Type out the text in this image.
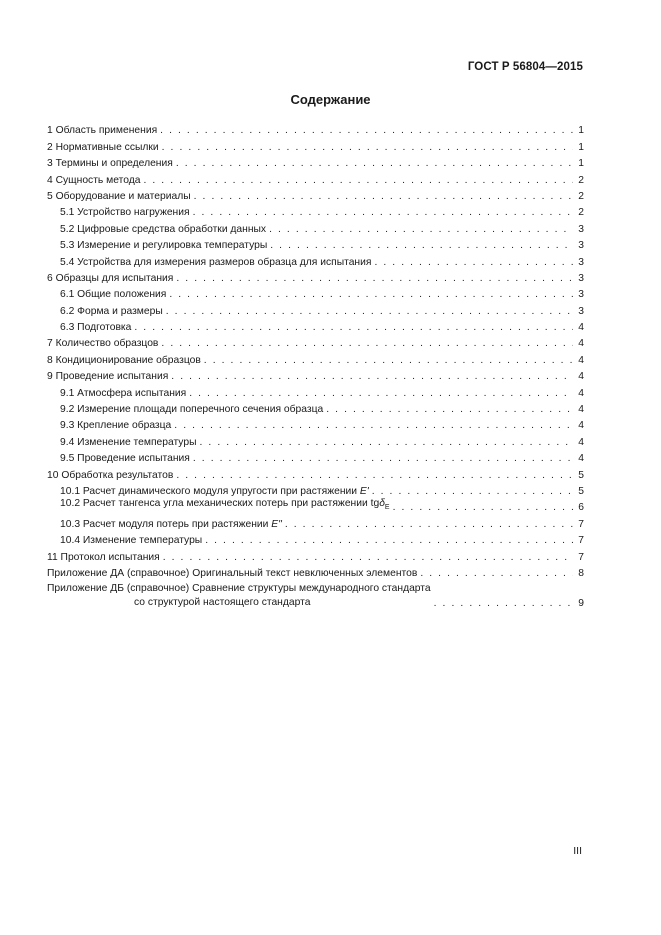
ГОСТ Р 56804—2015
Содержание
1 Область применения . . .	1
2 Нормативные ссылки . . .	1
3 Термины и определения . . .	1
4 Сущность метода . . .	2
5 Оборудование и материалы . . .	2
5.1 Устройство нагружения . . .	2
5.2 Цифровые средства обработки данных . . .	3
5.3 Измерение и регулировка температуры . . .	3
5.4 Устройства для измерения размеров образца для испытания . . .	3
6 Образцы для испытания . . .	3
6.1 Общие положения . . .	3
6.2 Форма и размеры . . .	3
6.3 Подготовка . . .	4
7 Количество образцов . . .	4
8 Кондиционирование образцов . . .	4
9 Проведение испытания . . .	4
9.1 Атмосфера испытания . . .	4
9.2 Измерение площади поперечного сечения образца . . .	4
9.3 Крепление образца . . .	4
9.4 Изменение температуры . . .	4
9.5 Проведение испытания . . .	4
10 Обработка результатов . . .	5
10.1 Расчет динамического модуля упругости при растяжении E' . . .	5
10.2 Расчет тангенса угла механических потерь при растяжении tgδ$_E$ . . .	6
10.3 Расчет модуля потерь при растяжении E" . . .	7
10.4 Изменение температуры . . .	7
11 Протокол испытания . . .	7
Приложение ДА (справочное) Оригинальный текст невключенных элементов . . .	8
Приложение ДБ (справочное) Сравнение структуры международного стандарта
со структурой настоящего стандарта . . .	9
III
